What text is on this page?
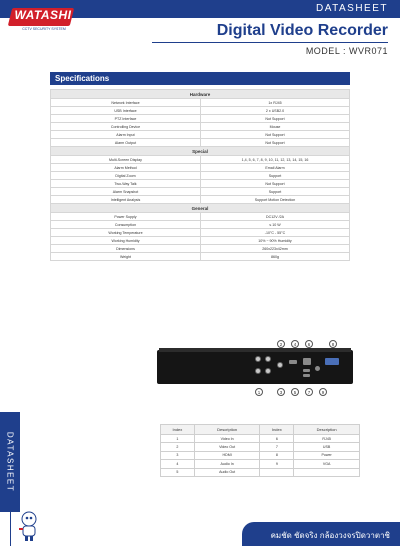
DATASHEET
WATASHI
CCTV SECURITY SYSTEM	Digital Video Recorder
MODEL : WVR071
Specifications
Hardware	
Network Interface	1x RJ45
USB Interface	2 x USB2.0
PTZ Interface	Not Support
Controlling Device	Mouse
Alarm Input	Not Support
Alarm Output	Not Support
Special	
Multi-Screen Display	1,4, 5, 6, 7, 8, 9, 10, 11, 12, 13, 14, 15, 16
Alarm Method	Email Alarm
Digital Zoom	Support
Two-Way Talk	Not Support
Alarm Snapshot	Support
Intelligent Analysis	Support Motion Detection
General	
Power Supply	DC12V /2A
Consumption	≤ 10 W
Working Temperature	-10°C - 55°C
Working Humidity	10% ~ 90% Humidity
Dimensions	260x223x42mm
Weight	860g
2	4	6	8
1	3	5	7	9
Index	Description	Index	Description
1	Video In	6	RJ45
2	Video Out	7	USB
3	HDMI	8	Power
4	Audio In	9	VGA
5	Audio Out		
DATASHEET
คมชัด ชัดจริง กล้องวงจรปิดวาตาชิ
